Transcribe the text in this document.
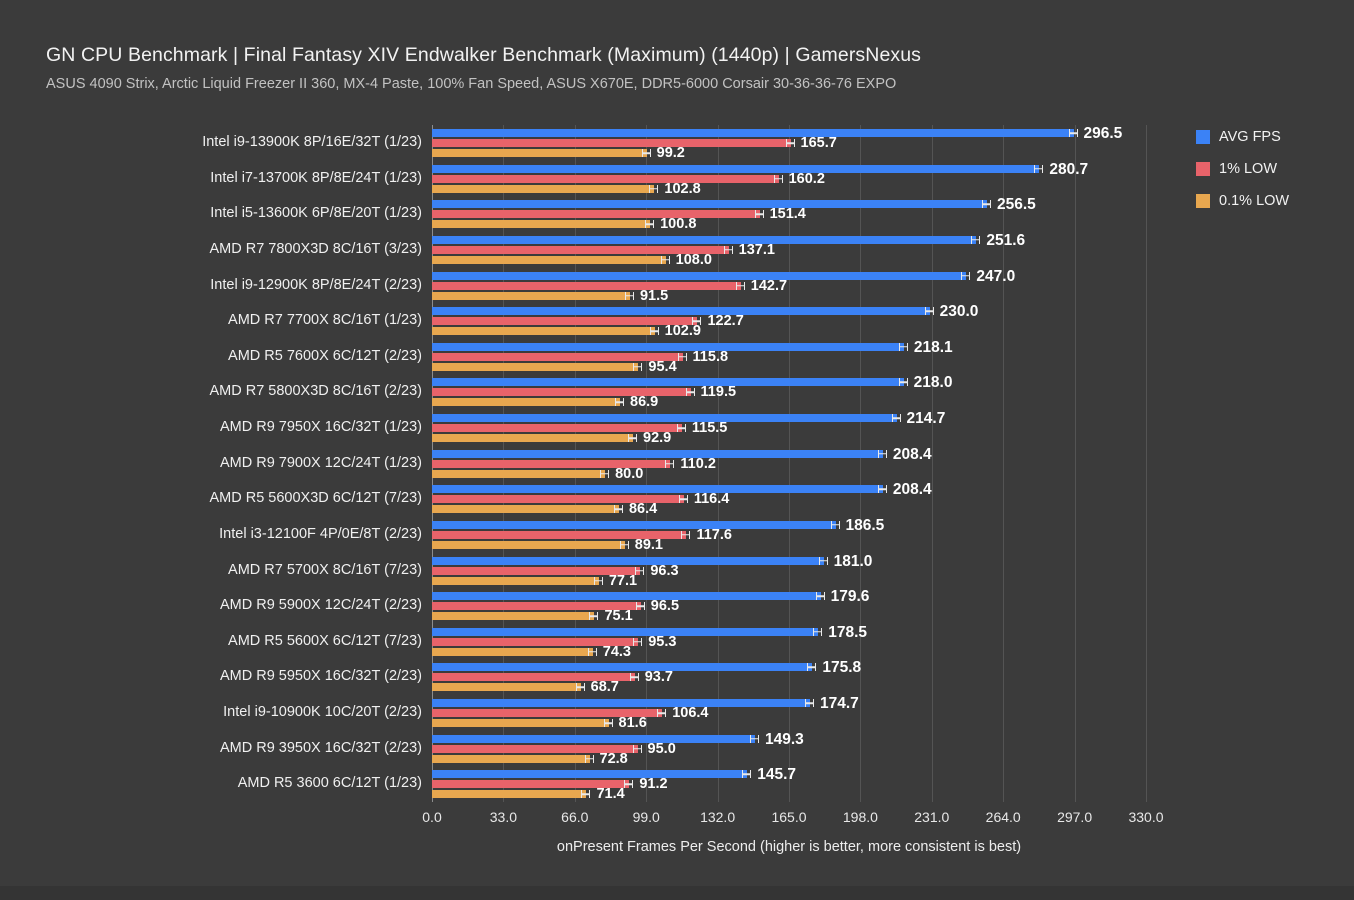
GN CPU Benchmark | Final Fantasy XIV Endwalker Benchmark (Maximum) (1440p) | GamersNexus
ASUS 4090 Strix, Arctic Liquid Freezer II 360, MX-4 Paste, 100% Fan Speed, ASUS X670E, DDR5-6000 Corsair 30-36-36-76 EXPO
Intel i9-13900K 8P/16E/32T (1/23)
Intel i7-13700K 8P/8E/24T (1/23)
Intel i5-13600K 6P/8E/20T (1/23)
AMD R7 7800X3D 8C/16T (3/23)
Intel i9-12900K 8P/8E/24T (2/23)
AMD R7 7700X 8C/16T (1/23)
AMD R5 7600X 6C/12T (2/23)
AMD R7 5800X3D 8C/16T (2/23)
AMD R9 7950X 16C/32T (1/23)
AMD R9 7900X 12C/24T (1/23)
AMD R5 5600X3D 6C/12T (7/23)
Intel i3-12100F 4P/0E/8T (2/23)
AMD R7 5700X 8C/16T (7/23)
AMD R9 5900X 12C/24T (2/23)
AMD R5 5600X 6C/12T (7/23)
AMD R9 5950X 16C/32T (2/23)
Intel i9-10900K 10C/20T (2/23)
AMD R9 3950X 16C/32T (2/23)
AMD R5 3600 6C/12T (1/23)
0.0	33.0	66.0	99.0	132.0	165.0	198.0	231.0	264.0	297.0	330.0
296.5
165.7
99.2
280.7
160.2
102.8
256.5
151.4
100.8
251.6
137.1
108.0
247.0
142.7
91.5
230.0
122.7
102.9
218.1
115.8
95.4
218.0
119.5
86.9
214.7
115.5
92.9
208.4
110.2
80.0
208.4
116.4
86.4
186.5
117.6
89.1
181.0
96.3
77.1
179.6
96.5
75.1
178.5
95.3
74.3
175.8
93.7
68.7
174.7
106.4
81.6
149.3
95.0
72.8
145.7
91.2
71.4
onPresent Frames Per Second (higher is better, more consistent is best)
AVG FPS
1% LOW
0.1% LOW
